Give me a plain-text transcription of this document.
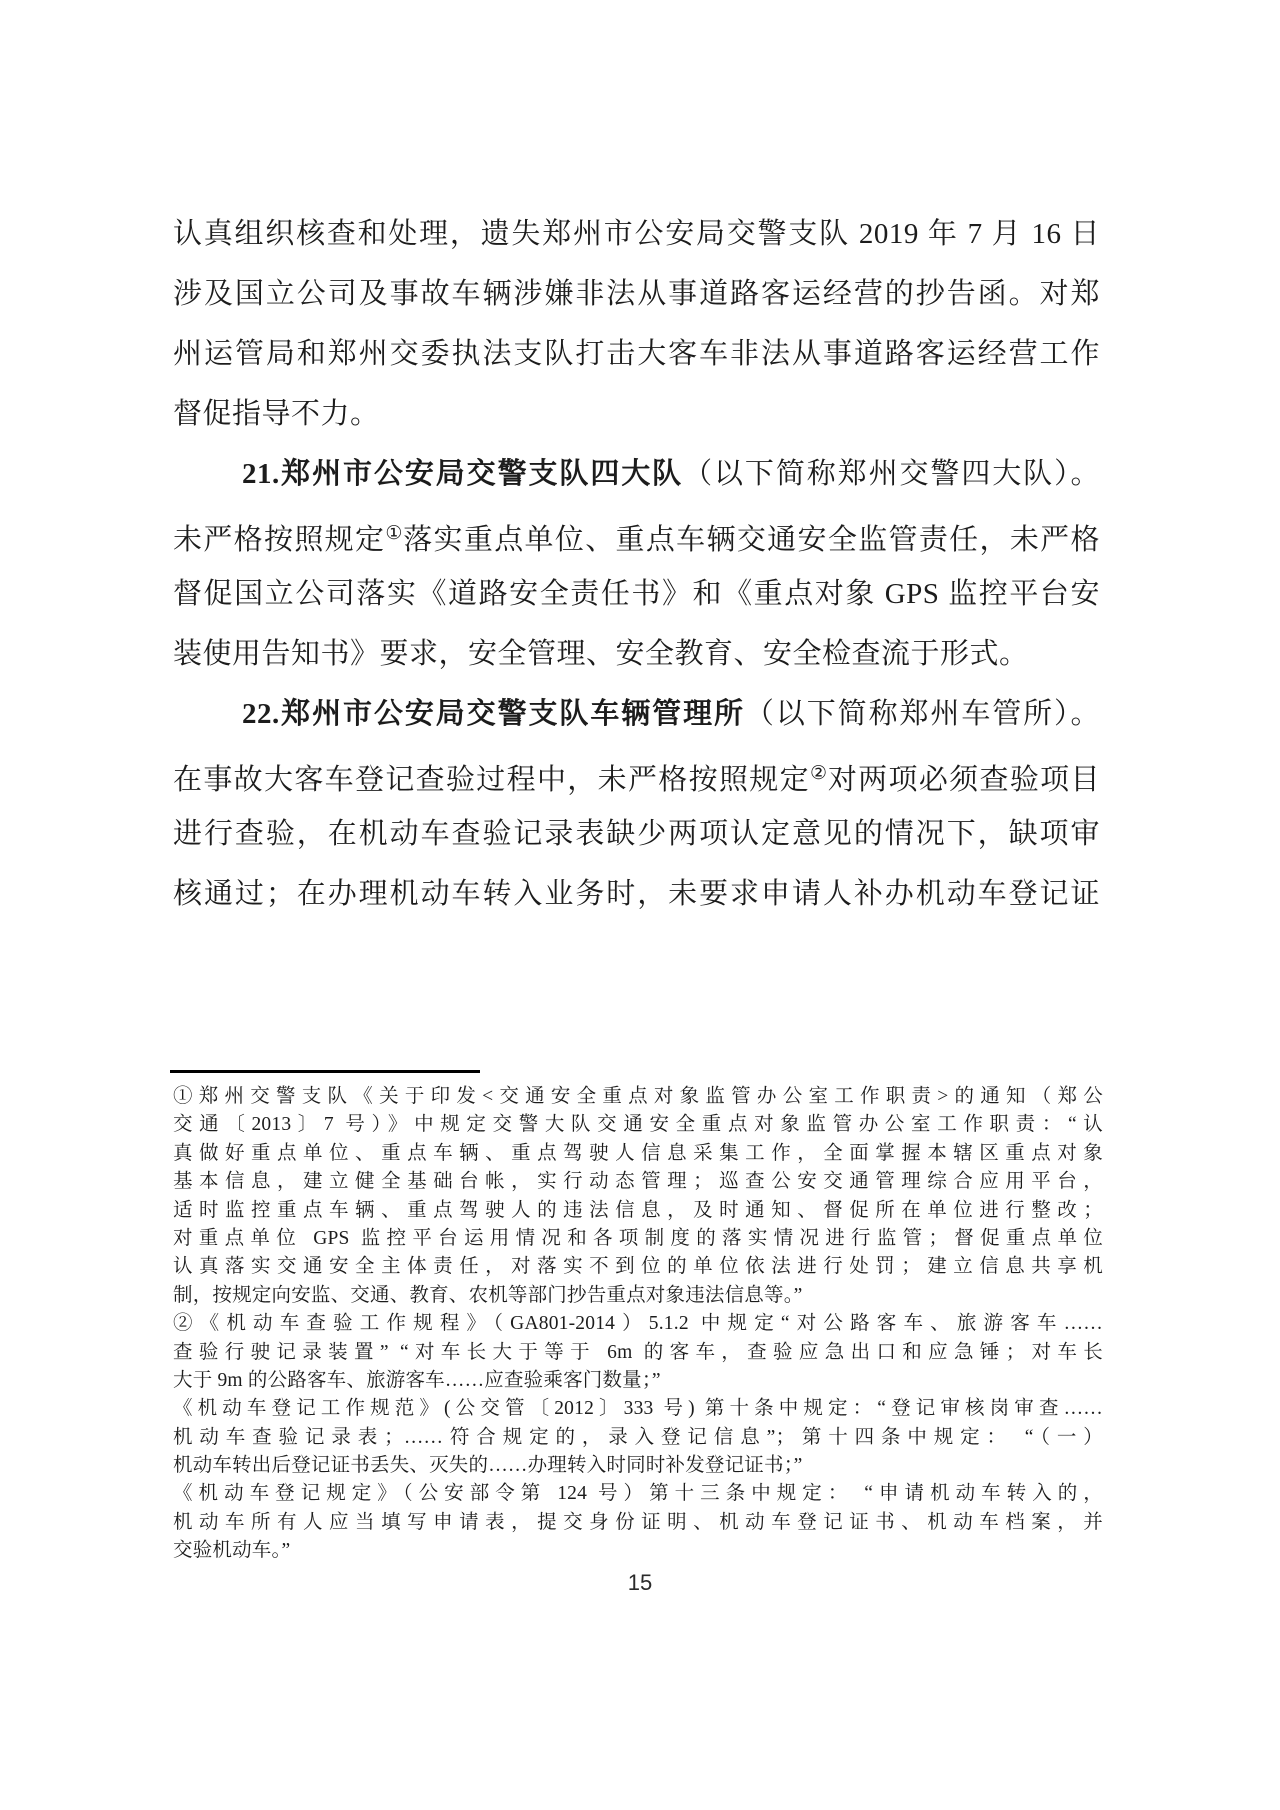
认真组织核查和处理，遗失郑州市公安局交警支队 2019 年 7 月 16 日
涉及国立公司及事故车辆涉嫌非法从事道路客运经营的抄告函。对郑
州运管局和郑州交委执法支队打击大客车非法从事道路客运经营工作
督促指导不力。
21.郑州市公安局交警支队四大队（以下简称郑州交警四大队）。
未严格按照规定①落实重点单位、重点车辆交通安全监管责任，未严格
督促国立公司落实《道路安全责任书》和《重点对象 GPS 监控平台安
装使用告知书》要求，安全管理、安全教育、安全检查流于形式。
22.郑州市公安局交警支队车辆管理所（以下简称郑州车管所）。
在事故大客车登记查验过程中，未严格按照规定②对两项必须查验项目
进行查验，在机动车查验记录表缺少两项认定意见的情况下，缺项审
核通过；在办理机动车转入业务时，未要求申请人补办机动车登记证
①郑州交警支队《关于印发<交通安全重点对象监管办公室工作职责>的通知（郑公
交通〔2013〕7 号）》中规定交警大队交通安全重点对象监管办公室工作职责：“认
真做好重点单位、重点车辆、重点驾驶人信息采集工作，全面掌握本辖区重点对象
基本信息，建立健全基础台帐，实行动态管理；巡查公安交通管理综合应用平台，
适时监控重点车辆、重点驾驶人的违法信息，及时通知、督促所在单位进行整改；
对重点单位 GPS 监控平台运用情况和各项制度的落实情况进行监管；督促重点单位
认真落实交通安全主体责任，对落实不到位的单位依法进行处罚；建立信息共享机
制，按规定向安监、交通、教育、农机等部门抄告重点对象违法信息等。”
②《机动车查验工作规程》（GA801-2014）5.1.2 中规定“对公路客车、旅游客车……
查验行驶记录装置” “对车长大于等于 6m 的客车，查验应急出口和应急锤；对车长
大于 9m 的公路客车、旅游客车……应查验乘客门数量；”
《机动车登记工作规范》(公交管〔2012〕333 号) 第十条中规定：“登记审核岗审查……
机动车查验记录表；……符合规定的，录入登记信息”；第十四条中规定： “（一）
机动车转出后登记证书丢失、灭失的……办理转入时同时补发登记证书；”
《机动车登记规定》（公安部令第 124 号）第十三条中规定： “申请机动车转入的，
机动车所有人应当填写申请表，提交身份证明、机动车登记证书、机动车档案，并
交验机动车。”
15
